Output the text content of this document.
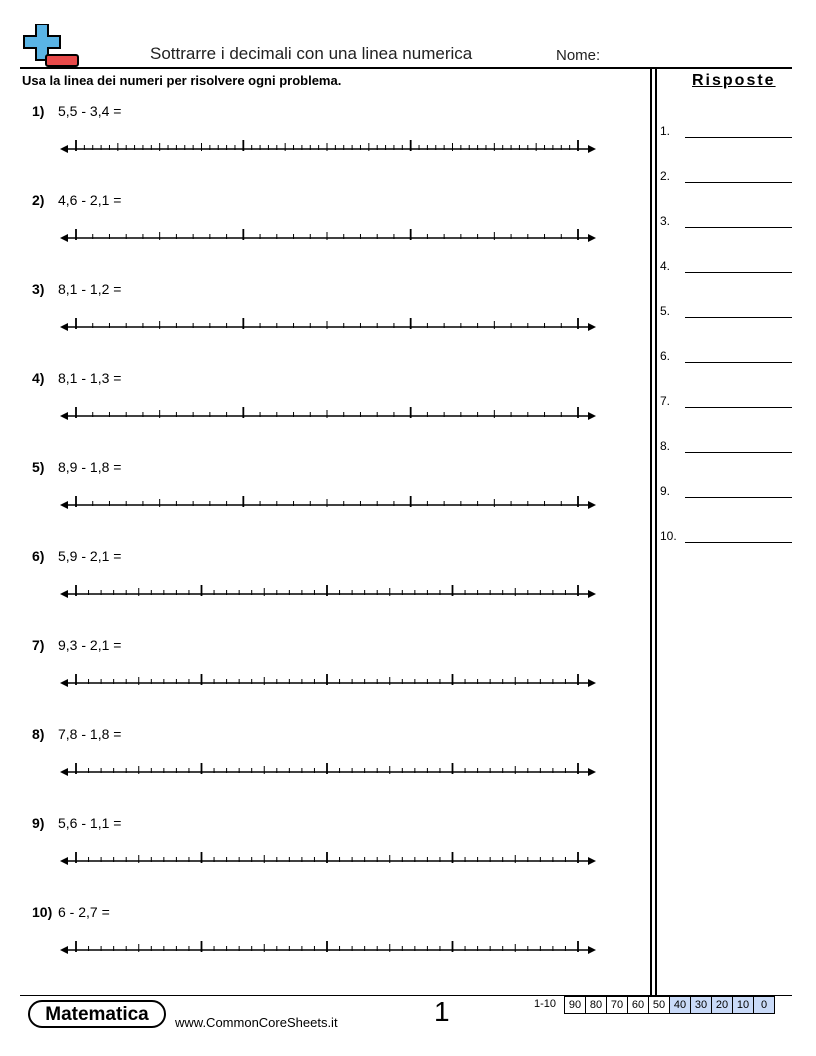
Sottrarre i decimali con una linea numerica	Nome:
Usa la linea dei numeri per risolvere ogni problema.	Risposte
1.
2.
3.
4.
5.
6.
7.
8.
9.
10.
1) 5,5 - 3,4 =
2) 4,6 - 2,1 =
3) 8,1 - 1,2 =
4) 8,1 - 1,3 =
5) 8,9 - 1,8 =
6) 5,9 - 2,1 =
7) 9,3 - 2,1 =
8) 7,8 - 1,8 =
9) 5,6 - 1,1 =
10) 6 - 2,7 =
Matematica	www.CommonCoreSheets.it	1	1-10 90	80	70	60	50	40	30	20	10	0
